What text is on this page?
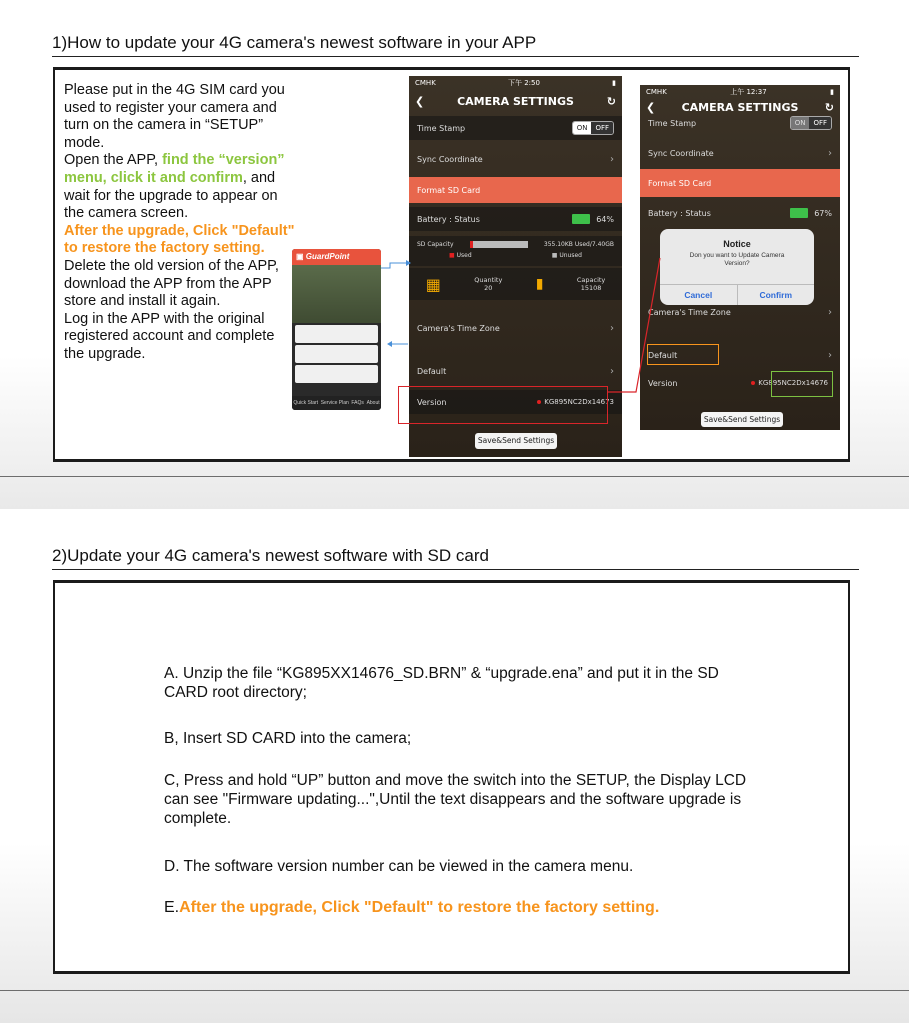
1)How to update your 4G camera's newest software in your APP
Please put in the 4G SIM card you used to register your camera and turn on the camera in “SETUP” mode.
Open the APP, find the “version” menu, click it and confirm, and wait for the upgrade to appear on the camera screen.
After the upgrade, Click "Default" to restore the factory setting.
Delete the old version of the APP, download the APP from the APP store and install it again.
Log in the APP with the original registered account and complete the upgrade.
▣ GuardPoint
Quick Start Service Plan FAQs About
CMHK	下午 2:50	▮
❮	CAMERA SETTINGS	↻
Time Stamp	ON	OFF
Sync Coordinate	›
Format SD Card
Battery : Status	64%
SD Capacity	355.10KB Used/7.40GB
■ Used	■ Unused
▦	Quantity
20	▮	Capacity
15108
Camera's Time Zone	›
Default	›
Version	KG895NC2Dx14673
Save&Send Settings
CMHK	上午 12:37	▮
❮ CAMERA SETTINGS ↻
Time Stamp	ON	OFF
Sync Coordinate	›
Format SD Card
Battery : Status	67%
Camera's Time Zone	›
Default	›
Version	KG895NC2Dx14676
Save&Send Settings
Notice
Don you want to Update Camera Version?
Cancel	Confirm
2)Update your 4G camera's newest software with SD card
A. Unzip the file “KG895XX14676_SD.BRN” & “upgrade.ena” and put it in the SD CARD root directory;
B, Insert SD CARD into the camera;
C, Press and hold “UP” button and move the switch into the SETUP, the Display LCD can see "Firmware updating...",Until the text disappears and the software upgrade is complete.
D. The software version number can be viewed in the camera menu.
E.After the upgrade, Click "Default" to restore the factory setting.
